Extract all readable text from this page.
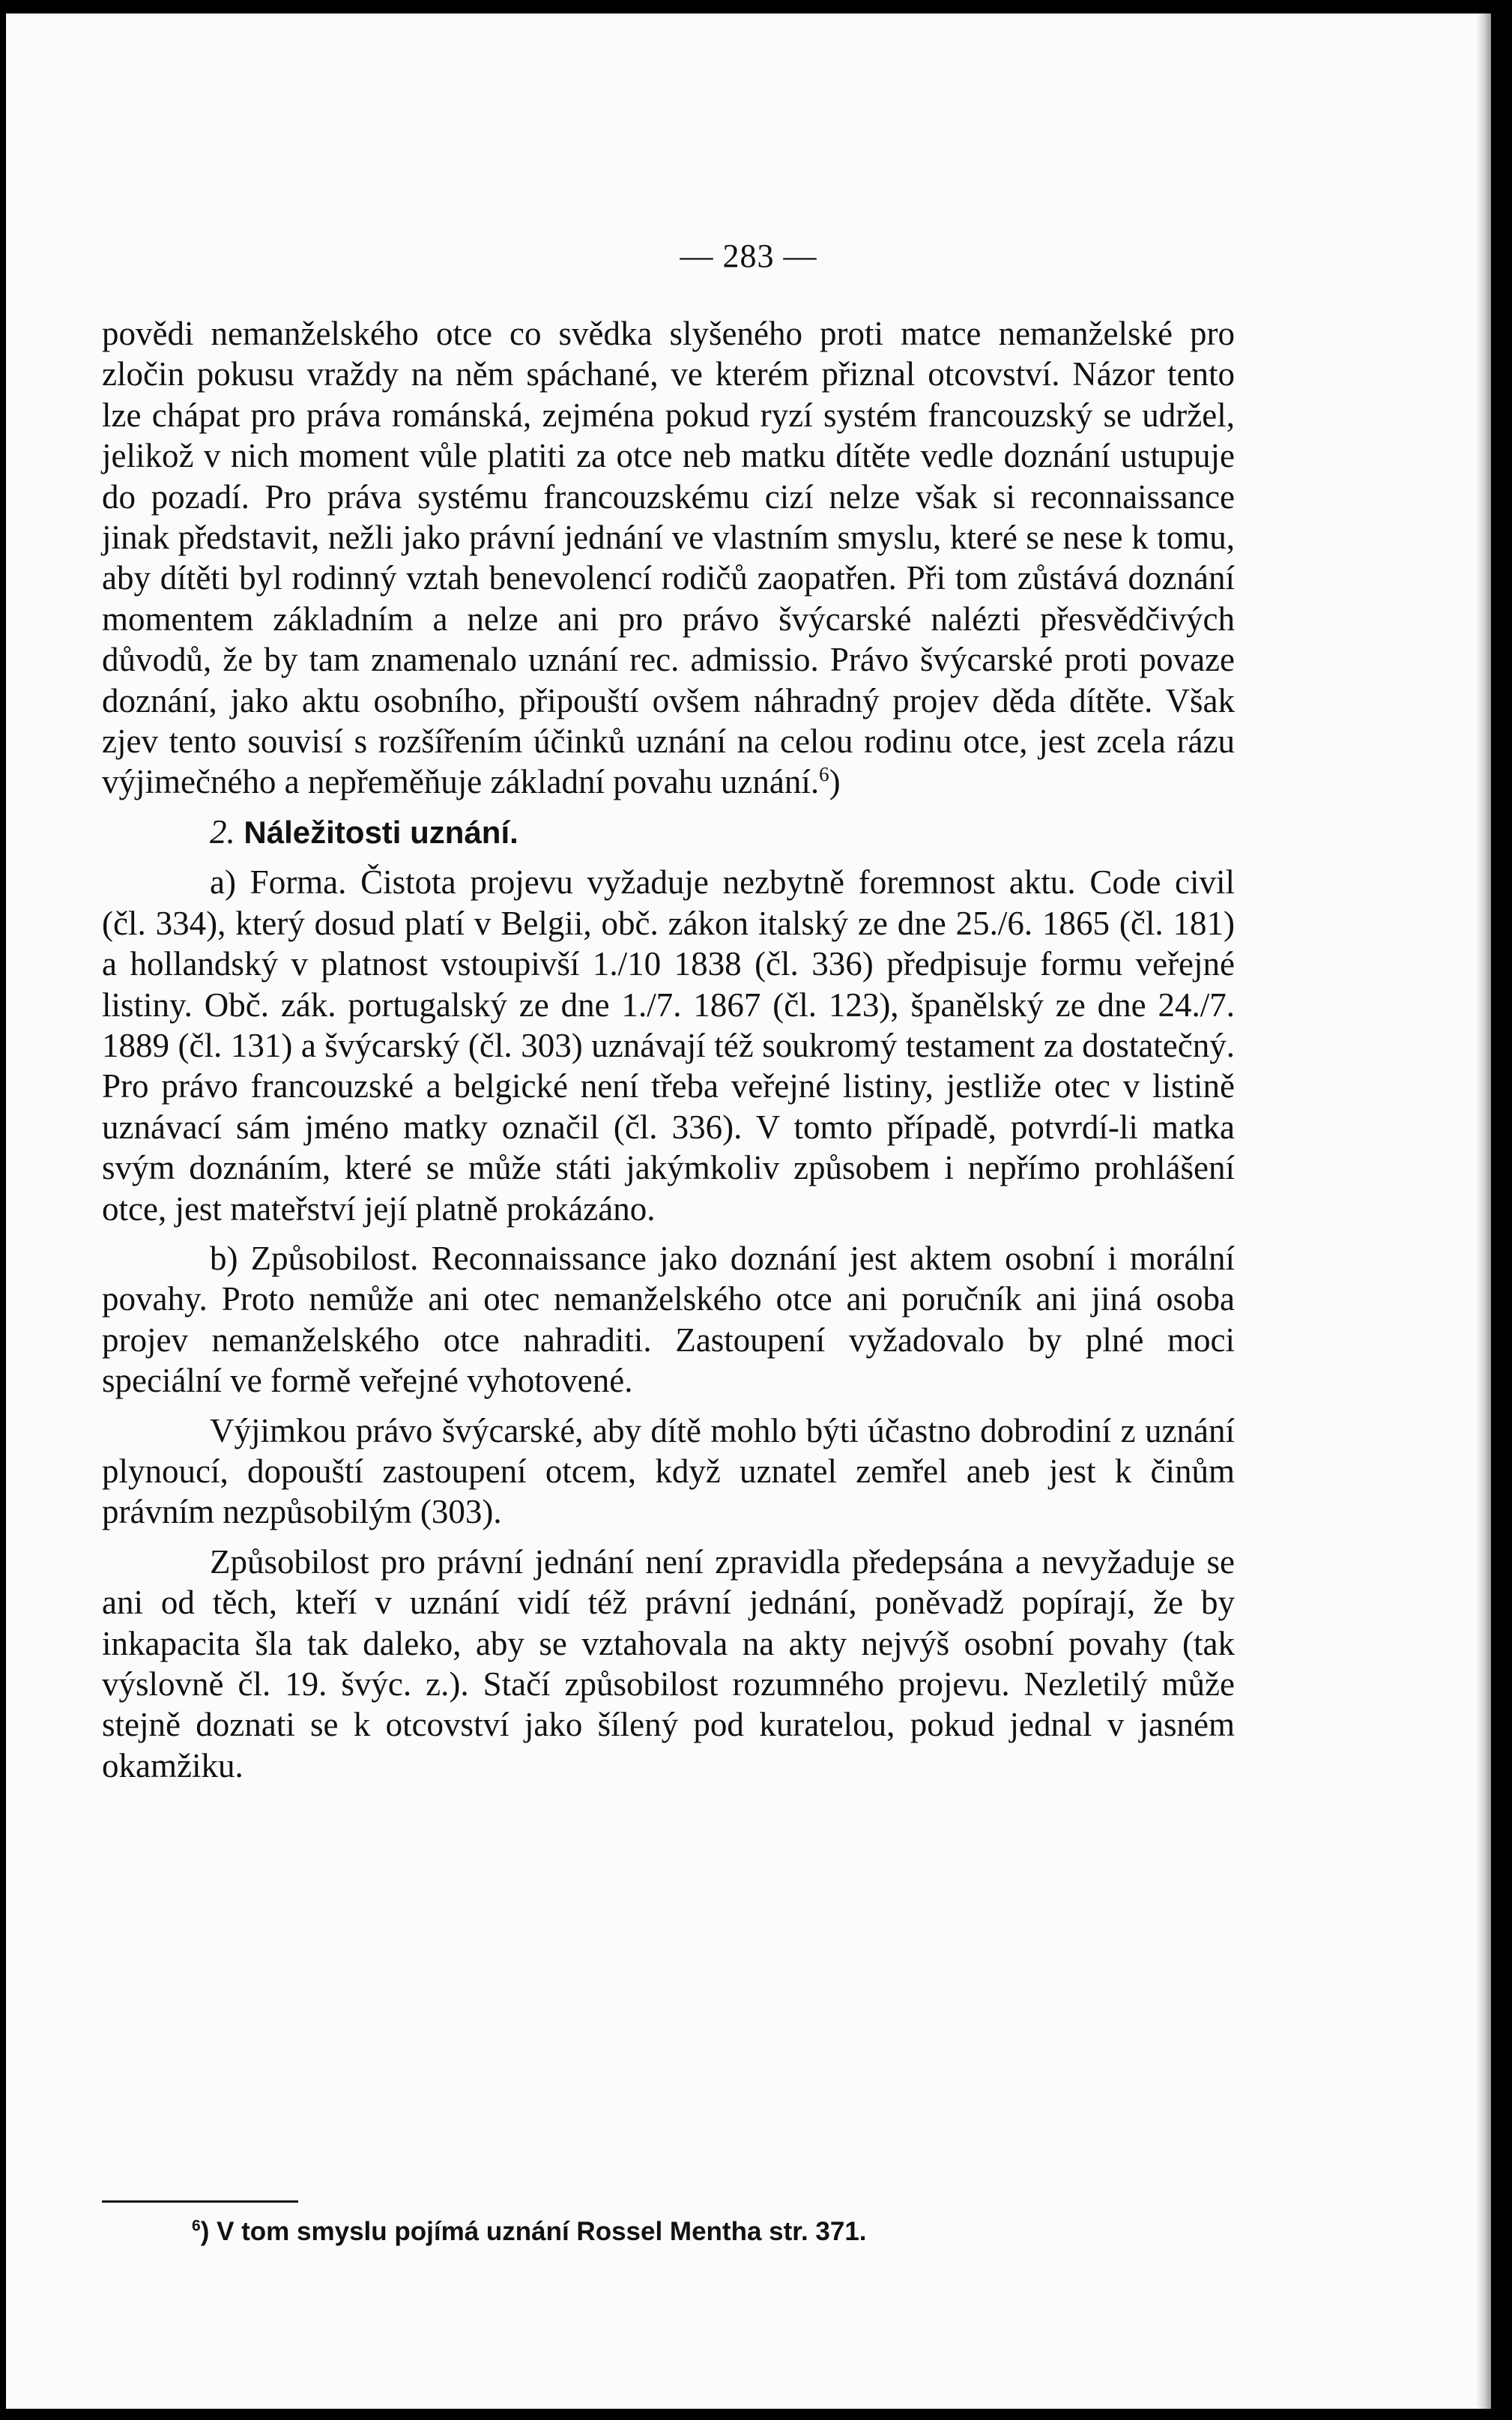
— 283 —

povědi nemanželského otce co svědka slyšeného proti matce nemanželské pro zločin pokusu vraždy na něm spáchané, ve kterém přiznal otcovství. Názor tento lze chápat pro práva románská, zejména pokud ryzí systém francouzský se udržel, jelikož v nich moment vůle platiti za otce neb matku dítěte vedle doznání ustupuje do pozadí. Pro práva systému francouzskému cizí nelze však si reconnaissance jinak představit, nežli jako právní jednání ve vlastním smyslu, které se nese k tomu, aby dítěti byl rodinný vztah benevolencí rodičů zaopatřen. Při tom zůstává doznání momentem základním a nelze ani pro právo švýcarské nalézti přesvědčivých důvodů, že by tam znamenalo uznání rec. admissio. Právo švýcarské proti povaze doznání, jako aktu osobního, připouští ovšem náhradný projev děda dítěte. Však zjev tento souvisí s rozšířením účinků uznání na celou rodinu otce, jest zcela rázu výjimečného a nepřeměňuje základní povahu uznání.$^6$)

2. Náležitosti uznání.

a) Forma. Čistota projevu vyžaduje nezbytně foremnost aktu. Code civil (čl. 334), který dosud platí v Belgii, obč. zákon italský ze dne 25./6. 1865 (čl. 181) a hollandský v platnost vstoupivší 1./10 1838 (čl. 336) předpisuje formu veřejné listiny. Obč. zák. portugalský ze dne 1./7. 1867 (čl. 123), španělský ze dne 24./7. 1889 (čl. 131) a švýcarský (čl. 303) uznávají též soukromý testament za dostatečný. Pro právo francouzské a belgické není třeba veřejné listiny, jestliže otec v listině uznávací sám jméno matky označil (čl. 336). V tomto případě, potvrdí-li matka svým doznáním, které se může státi jakýmkoliv způsobem i nepřímo prohlášení otce, jest mateřství její platně prokázáno.

b) Způsobilost. Reconnaissance jako doznání jest aktem osobní i morální povahy. Proto nemůže ani otec nemanželského otce ani poručník ani jiná osoba projev nemanželského otce nahraditi. Zastoupení vyžadovalo by plné moci speciální ve formě veřejné vyhotovené.

Výjimkou právo švýcarské, aby dítě mohlo býti účastno dobrodiní z uznání plynoucí, dopouští zastoupení otcem, když uznatel zemřel aneb jest k činům právním nezpůsobilým (303).

Způsobilost pro právní jednání není zpravidla předepsána a nevyžaduje se ani od těch, kteří v uznání vidí též právní jednání, poněvadž popírají, že by inkapacita šla tak daleko, aby se vztahovala na akty nejvýš osobní povahy (tak výslovně čl. 19. švýc. z.). Stačí způsobilost rozumného projevu. Nezletilý může stejně doznati se k otcovství jako šílený pod kuratelou, pokud jednal v jasném okamžiku.

$^6$) V tom smyslu pojímá uznání Rossel Mentha str. 371.
